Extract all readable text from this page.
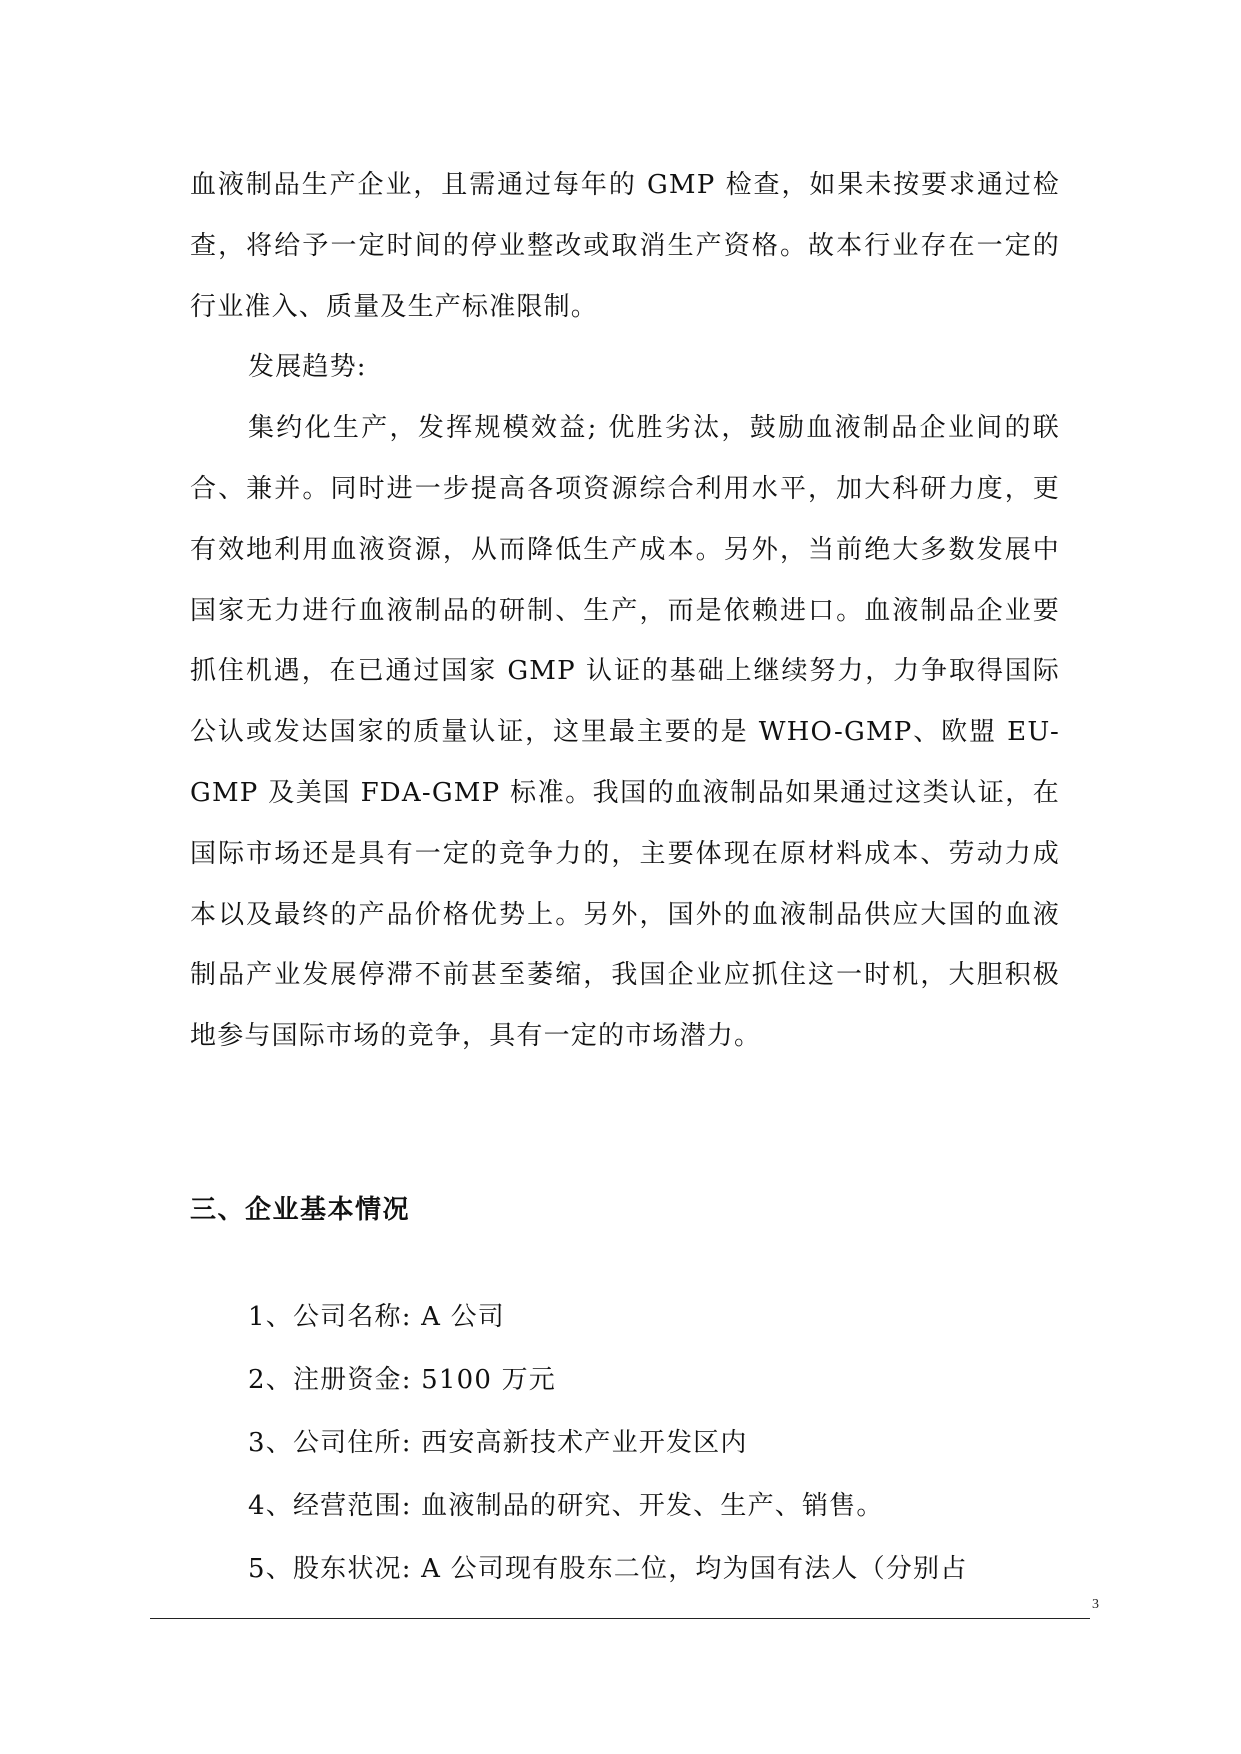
血液制品生产企业，且需通过每年的 GMP 检查，如果未按要求通过检查，将给予一定时间的停业整改或取消生产资格。故本行业存在一定的行业准入、质量及生产标准限制。

发展趋势:

集约化生产，发挥规模效益; 优胜劣汰，鼓励血液制品企业间的联合、兼并。同时进一步提高各项资源综合利用水平，加大科研力度，更有效地利用血液资源，从而降低生产成本。另外，当前绝大多数发展中国家无力进行血液制品的研制、生产，而是依赖进口。血液制品企业要抓住机遇，在已通过国家 GMP 认证的基础上继续努力，力争取得国际公认或发达国家的质量认证，这里最主要的是 WHO-GMP、欧盟 EU-GMP 及美国 FDA-GMP 标准。我国的血液制品如果通过这类认证，在国际市场还是具有一定的竞争力的，主要体现在原材料成本、劳动力成本以及最终的产品价格优势上。另外，国外的血液制品供应大国的血液制品产业发展停滞不前甚至萎缩，我国企业应抓住这一时机，大胆积极地参与国际市场的竞争，具有一定的市场潜力。

三、企业基本情况
1、公司名称: A 公司
2、注册资金: 5100 万元
3、公司住所: 西安高新技术产业开发区内
4、经营范围: 血液制品的研究、开发、生产、销售。
5、股东状况: A 公司现有股东二位，均为国有法人（分别占
3
